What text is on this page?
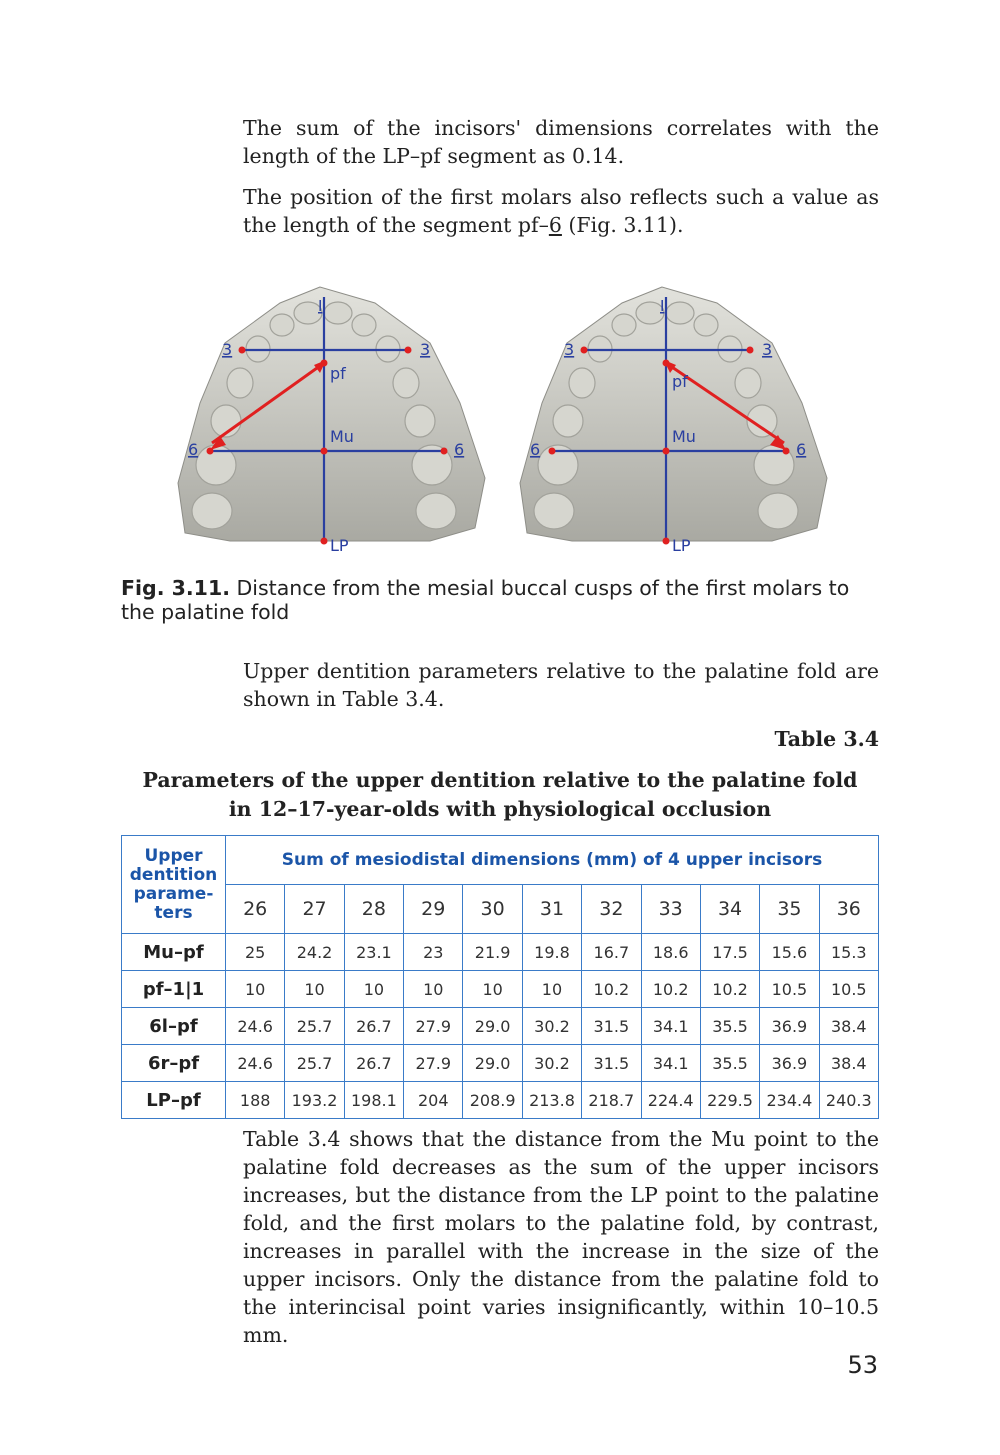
The sum of the incisors' dimensions correlates with the length of the LP–pf segment as 0.14.

The position of the first molars also reflects such a value as the length of the segment pf–6 (Fig. 3.11).

I
3	3
pf
Mu
6	6
LP
I
3	3
pf
Mu
6	6
LP

Fig. 3.11. Distance from the mesial buccal cusps of the first molars to the palatine fold

Upper dentition parameters relative to the palatine fold are shown in Table 3.4.

Table 3.4

Parameters of the upper dentition relative to the palatine fold
in 12–17-year-olds with physiological occlusion
Upper dentition parame-ters	Sum of mesiodistal dimensions (mm) of 4 upper incisors										
	26	27	28	29	30	31	32	33	34	35	36
Mu–pf	25	24.2	23.1	23	21.9	19.8	16.7	18.6	17.5	15.6	15.3
pf–1|1	10	10	10	10	10	10	10.2	10.2	10.2	10.5	10.5
6l–pf	24.6	25.7	26.7	27.9	29.0	30.2	31.5	34.1	35.5	36.9	38.4
6r–pf	24.6	25.7	26.7	27.9	29.0	30.2	31.5	34.1	35.5	36.9	38.4
LP–pf	188	193.2	198.1	204	208.9	213.8	218.7	224.4	229.5	234.4	240.3

Table 3.4 shows that the distance from the Mu point to the palatine fold decreases as the sum of the upper incisors increases, but the distance from the LP point to the palatine fold, and the first molars to the palatine fold, by contrast, increases in parallel with the increase in the size of the upper incisors. Only the distance from the palatine fold to the interincisal point varies insignificantly, within 10–10.5 mm.

53
